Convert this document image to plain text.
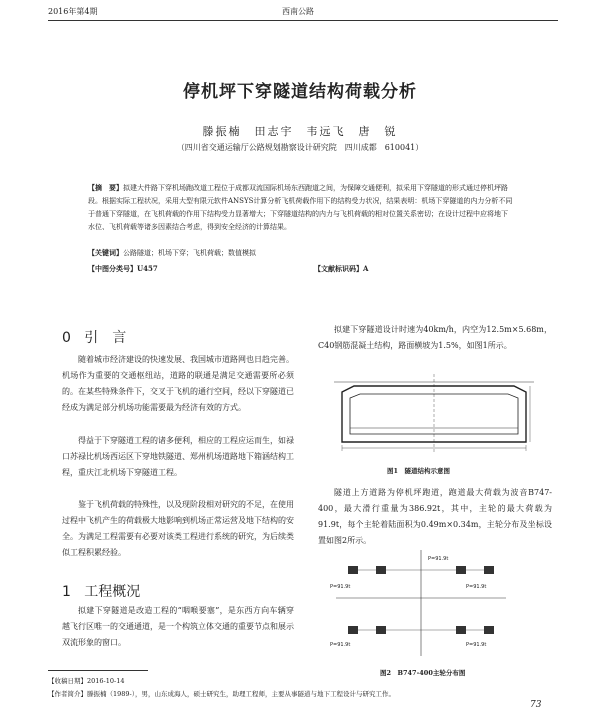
2016年第4期	西南公路
停机坪下穿隧道结构荷载分析
滕振楠　田志宇　韦远飞　唐　锐
（四川省交通运输厅公路规划勘察设计研究院　四川成都　610041）
【摘　要】拟建大件路下穿机场跑改道工程位于成都双流国际机场东西跑道之间，为保障交通便利，拟采用下穿隧道的形式通过停机坪路段。根据实际工程状况，采用大型有限元软件ANSYS计算分析飞机荷载作用下的结构受力状况，结果表明：机场下穿隧道的内力分析不同于普通下穿隧道，在飞机荷载的作用下结构受力显著增大；下穿隧道结构的内力与飞机荷载的相对位置关系密切；在设计过程中应将地下水位、飞机荷载等诸多因素结合考虑，得到安全经济的计算结果。
【关键词】公路隧道；机场下穿；飞机荷载；数值模拟
【中图分类号】U457	【文献标识码】A
0 引　言
随着城市经济建设的快速发展、我国城市道路网也日趋完善。机场作为重要的交通枢纽站，道路的联通是满足交通需要所必须的。在某些特殊条件下，交叉于飞机的通行空间，经以下穿隧道已经成为满足部分机场功能需要最为经济有效的方式。
得益于下穿隧道工程的诸多便利，相应的工程应运而生，如禄口苏禄比机场西运区下穿地铁隧道、郑州机场道路地下箱涵结构工程，重庆江北机场下穿隧道工程。
鉴于飞机荷载的特殊性，以及现阶段相对研究的不足，在使用过程中飞机产生的荷载极大地影响到机场正常运营及地下结构的安全。为满足工程需要有必要对该类工程进行系统的研究，为后续类似工程积累经验。
1 工程概况
拟建下穿隧道是改造工程的“咽喉要塞”，是东西方向车辆穿越飞行区唯一的交通通道，是一个构筑立体交通的重要节点和展示双流形象的窗口。
拟建下穿隧道设计时速为40km/h，内空为12.5m×5.68m，C40钢筋混凝土结构，路面横坡为1.5%，如图1所示。
图1　隧道结构示意图
隧道上方道路为停机坪跑道，跑道最大荷载为波音B747-400，最大滑行重量为386.92t，其中，主轮的最大荷载为91.9t，每个主轮着陆面积为0.49m×0.34m，主轮分布及坐标设置如图2所示。
P=91.9t
P=91.9t	P=91.9t
P=91.9t	P=91.9t
图2　B747-400主轮分布图
【收稿日期】2016-10-14
【作者简介】滕振楠（1989-），男，山东成海人，硕士研究生，助理工程师，主要从事隧道与地下工程设计与研究工作。
73
